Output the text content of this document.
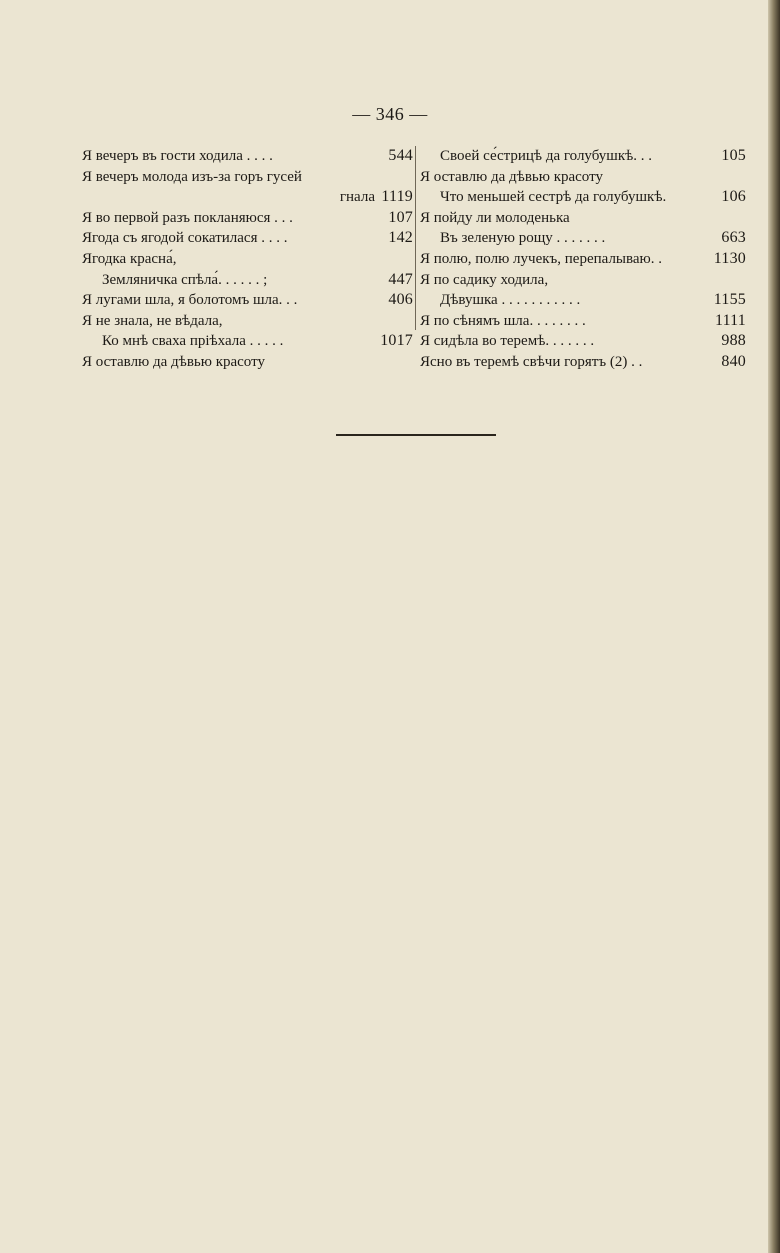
— 346 —
Я вечеръ въ гости ходила . . . .	544
Я вечеръ молода изъ-за горъ гусей
гнала 1119
Я во первой разъ покланяюся . . .	107
Ягода съ ягодой сокатилася . . . .	142
Ягодка красна́,
Земляничка спѣла́. . . . . . ;	447
Я лугами шла, я болотомъ шла. . .	406
Я не знала, не вѣдала,
Ко мнѣ сваха пріѣхала . . . . .	1017
Я оставлю да дѣвью красоту
Своей се́стрицѣ да голубушкѣ. . .	105
Я оставлю да дѣвью красоту
Что меньшей сестрѣ да голубушкѣ.	106
Я пойду ли молоденька
Въ зеленую рощу . . . . . . .	663
Я полю, полю лучекъ, перепалываю. .	1130
Я по садику ходила,
Дѣвушка . . . . . . . . . . .	1155
Я по сѣнямъ шла. . . . . . . .	1111
Я сидѣла во теремѣ. . . . . . .	988
Ясно въ теремѣ свѣчи горятъ (2) . .	840
